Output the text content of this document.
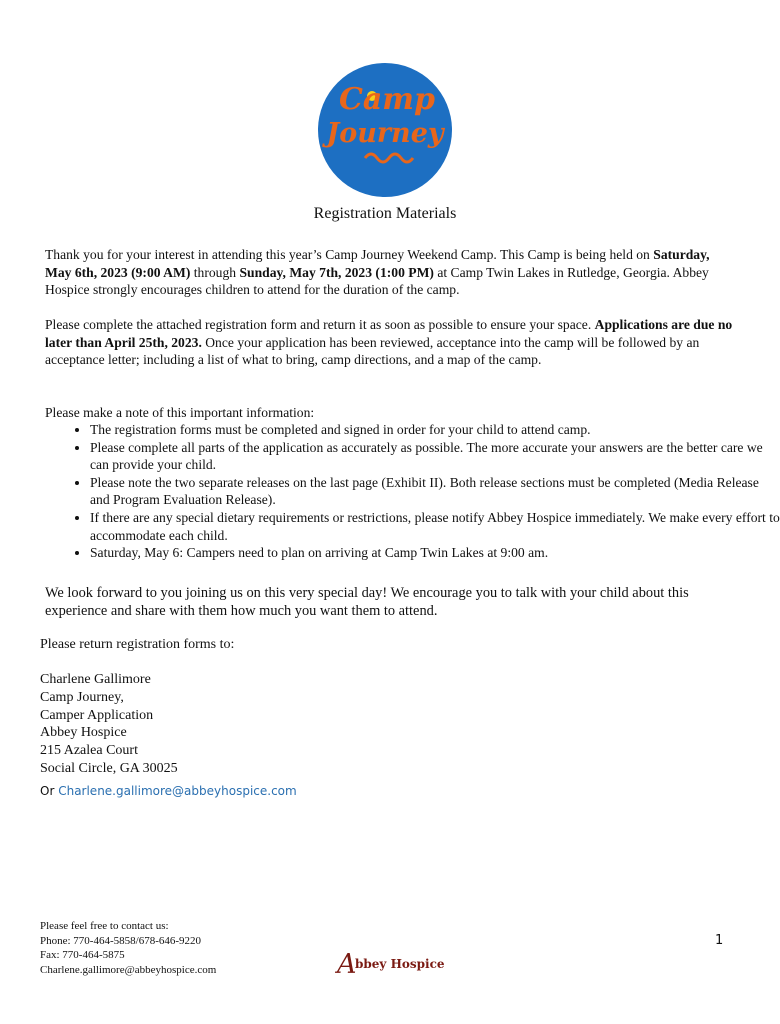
Camp
Journey
Registration Materials
Thank you for your interest in attending this year’s Camp Journey Weekend Camp. This Camp is being held on Saturday, May 6th, 2023 (9:00 AM) through Sunday, May 7th, 2023 (1:00 PM) at Camp Twin Lakes in Rutledge, Georgia. Abbey Hospice strongly encourages children to attend for the duration of the camp.
Please complete the attached registration form and return it as soon as possible to ensure your space. Applications are due no later than April 25th, 2023. Once your application has been reviewed, acceptance into the camp will be followed by an acceptance letter; including a list of what to bring, camp directions, and a map of the camp.
Please make a note of this important information:
• The registration forms must be completed and signed in order for your child to attend camp.
• Please complete all parts of the application as accurately as possible. The more accurate your answers are the better care we can provide your child.
• Please note the two separate releases on the last page (Exhibit II). Both release sections must be completed (Media Release and Program Evaluation Release).
• If there are any special dietary requirements or restrictions, please notify Abbey Hospice immediately. We make every effort to accommodate each child.
• Saturday, May 6: Campers need to plan on arriving at Camp Twin Lakes at 9:00 am.
We look forward to you joining us on this very special day! We encourage you to talk with your child about this experience and share with them how much you want them to attend.
Please return registration forms to:
Charlene Gallimore
Camp Journey,
Camper Application
Abbey Hospice
215 Azalea Court
Social Circle, GA 30025
Or Charlene.gallimore@abbeyhospice.com
Please feel free to contact us:
Phone: 770-464-5858/678-646-9220
Fax: 770-464-5875
Charlene.gallimore@abbeyhospice.com
1
A
bbey Hospice
